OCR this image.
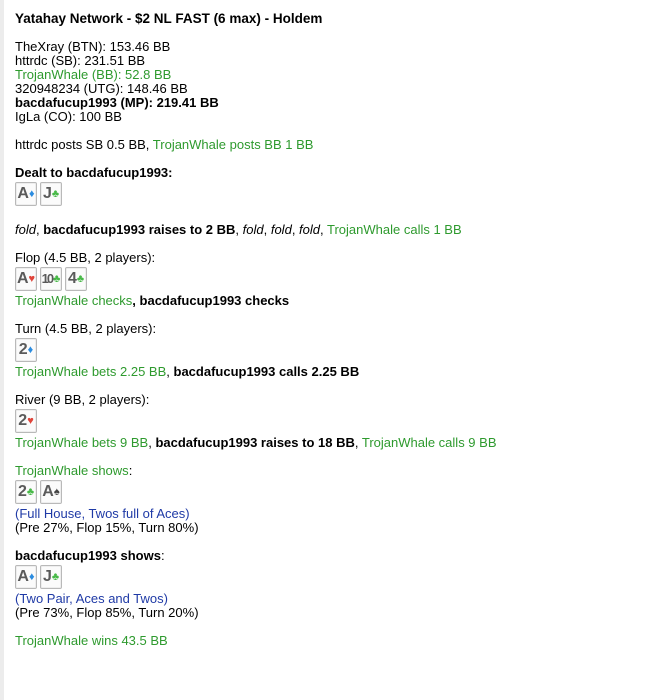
Yatahay Network - $2 NL FAST (6 max) - Holdem
TheXray (BTN): 153.46 BB
httrdc (SB): 231.51 BB
TrojanWhale (BB): 52.8 BB
320948234 (UTG): 148.46 BB
bacdafucup1993 (MP): 219.41 BB
IgLa (CO): 100 BB
httrdc posts SB 0.5 BB, TrojanWhale posts BB 1 BB
Dealt to bacdafucup1993:
A ♦ J ♣
fold, bacdafucup1993 raises to 2 BB, fold, fold, fold, TrojanWhale calls 1 BB
Flop (4.5 BB, 2 players):
A ♥ 10 ♣ 4 ♣
TrojanWhale checks, bacdafucup1993 checks
Turn (4.5 BB, 2 players):
2 ♦
TrojanWhale bets 2.25 BB, bacdafucup1993 calls 2.25 BB
River (9 BB, 2 players):
2 ♥
TrojanWhale bets 9 BB, bacdafucup1993 raises to 18 BB, TrojanWhale calls 9 BB
TrojanWhale shows:
2 ♣ A ♠
(Full House, Twos full of Aces)
(Pre 27%, Flop 15%, Turn 80%)
bacdafucup1993 shows:
A ♦ J ♣
(Two Pair, Aces and Twos)
(Pre 73%, Flop 85%, Turn 20%)
TrojanWhale wins 43.5 BB
